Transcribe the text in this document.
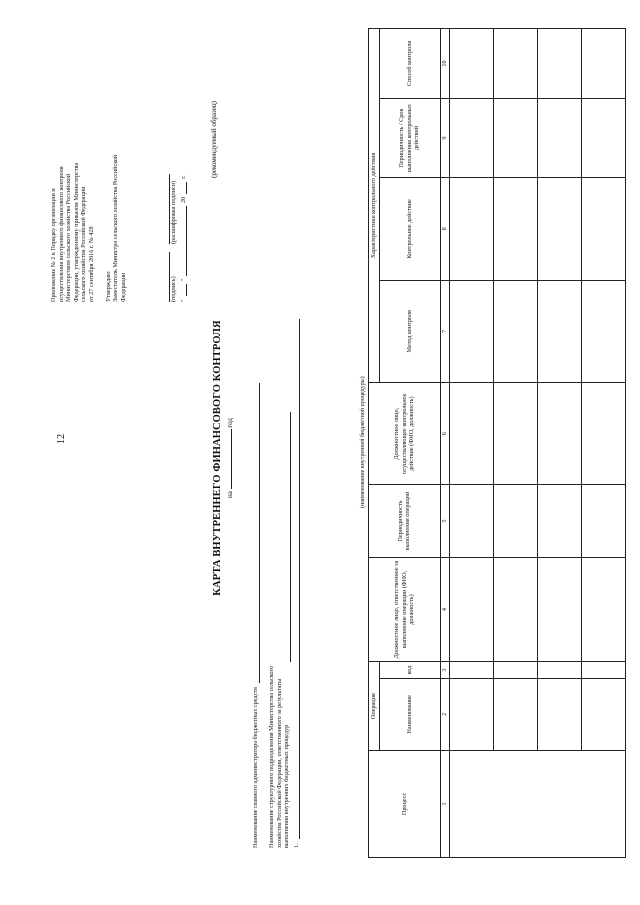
12
Приложение № 2 к Порядку организации и осуществления внутреннего финансового контроля Министерством сельского хозяйства Российской Федерации, утвержденному приказом Министерства сельского хозяйства Российской Федерации от 27 сентября 2016 г. № 428 Утверждаю Заместитель Министра сельского хозяйства Российской Федерации	(подпись)
(расшифровка подписи)
"
"
20
г.	(рекомендуемый образец)
КАРТА ВНУТРЕННЕГО ФИНАНСОВОГО КОНТРОЛЯ на  год
Наименование главного администратора бюджетных средств Наименование структурного подразделения Министерства сельского хозяйства Российской Федерации, ответственного за результаты выполнения внутренних бюджетных процедур 1.
(наименование внутренней бюджетной процедуры)
Процесс	Операция		Должностное лицо, ответственное за выполнение операции (ФИО, должность)	Периодичность выполнения операции	Должностное лицо, осуществляющее контрольное действие (ФИО, должность)	Характеристики контрольного действия			
	Наименование	код				Метод контроля	Контрольное действие	Периодичность / Срок выполнения контрольных действий	Способ контроля
1	2	3	4	5	6	7	8	9	10
